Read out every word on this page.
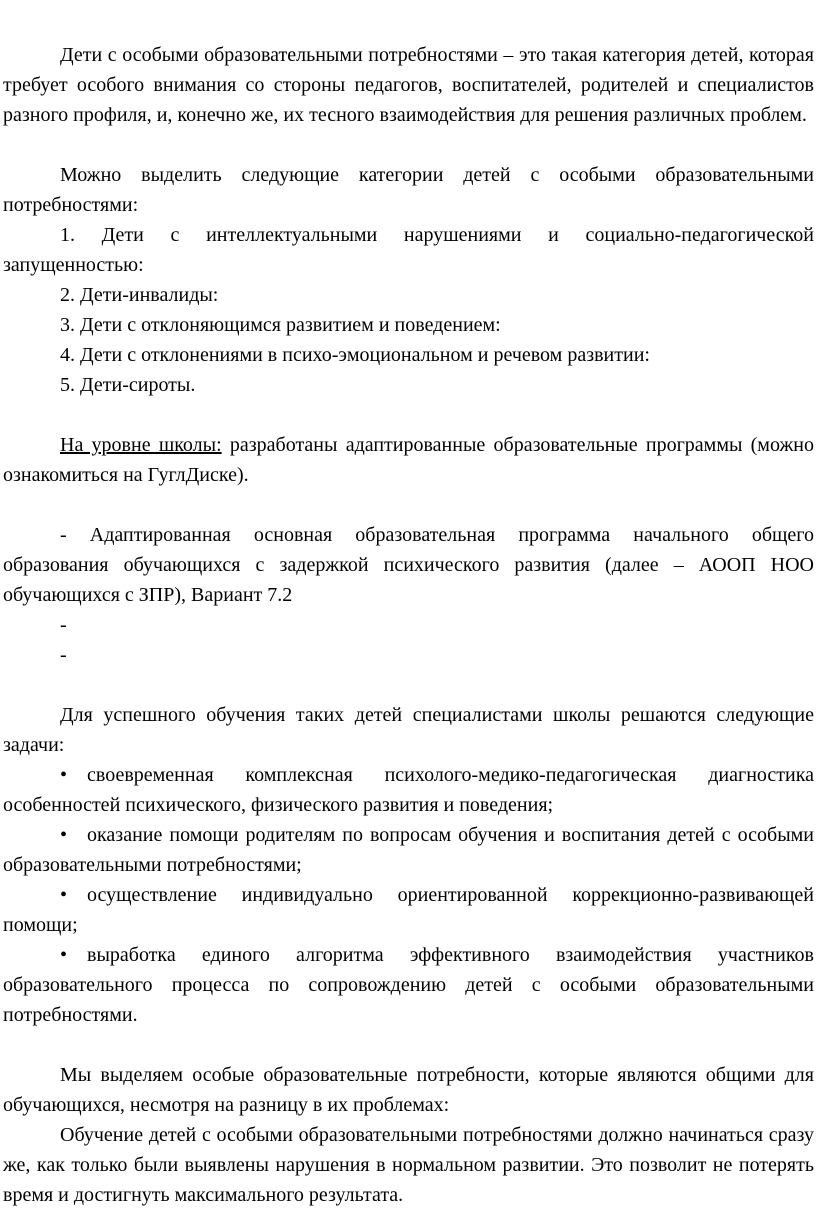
Дети с особыми образовательными потребностями – это такая категория детей, которая требует особого внимания со стороны педагогов, воспитателей, родителей и специалистов разного профиля, и, конечно же, их тесного взаимодействия для решения различных проблем.

Можно выделить следующие категории детей с особыми образовательными потребностями:

1. Дети с интеллектуальными нарушениями и социально-педагогической запущенностью:

2. Дети-инвалиды:

3. Дети с отклоняющимся развитием и поведением:

4. Дети с отклонениями в психо-эмоциональном и речевом развитии:

5. Дети-сироты.

На уровне школы: разработаны адаптированные образовательные программы (можно ознакомиться на ГуглДиске).

- Адаптированная основная образовательная программа начального общего образования обучающихся с задержкой психического развития (далее – АООП НОО обучающихся с ЗПР), Вариант 7.2

-

-

Для успешного обучения таких детей специалистами школы решаются следующие задачи:

• своевременная комплексная психолого-медико-педагогическая диагностика особенностей психического, физического развития и поведения;

• оказание помощи родителям по вопросам обучения и воспитания детей с особыми образовательными потребностями;

• осуществление индивидуально ориентированной коррекционно-развивающей помощи;

• выработка единого алгоритма эффективного взаимодействия участников образовательного процесса по сопровождению детей с особыми образовательными потребностями.

Мы выделяем особые образовательные потребности, которые являются общими для обучающихся, несмотря на разницу в их проблемах:

Обучение детей с особыми образовательными потребностями должно начинаться сразу же, как только были выявлены нарушения в нормальном развитии. Это позволит не потерять время и достигнуть максимального результата.
